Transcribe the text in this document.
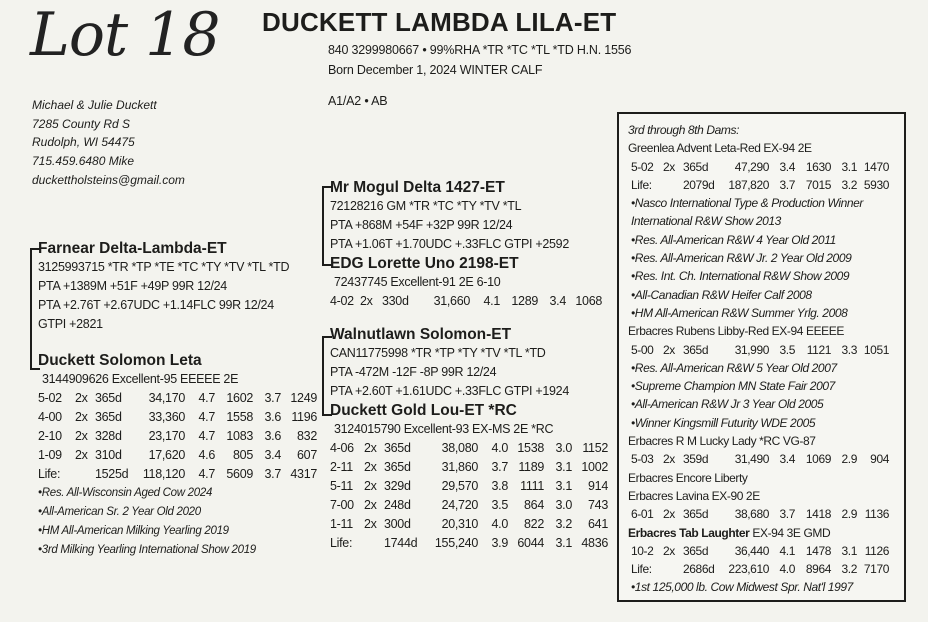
Lot 18 DUCKETT LAMBDA LILA-ET
840 3299980667 • 99%RHA *TR *TC *TL *TD H.N. 1556
Born December 1, 2024 WINTER CALF
A1/A2 • AB
Michael & Julie Duckett
7285 County Rd S
Rudolph, WI 54475
715.459.6480 Mike
duckettholsteins@gmail.com
Farnear Delta-Lambda-ET
3125993715 *TR *TP *TE *TC *TY *TV *TL *TD
PTA +1389M +51F +49P 99R 12/24
PTA +2.76T +2.67UDC +1.14FLC 99R 12/24
GTPI +2821
Duckett Solomon Leta
3144909626 Excellent-95 EEEEE 2E
5-02	2x 365d	34,170	4.7 1602 3.7 1249
4-00	2x 365d	33,360	4.7 1558 3.6 1196
2-10	2x 328d	23,170	4.7 1083 3.6	832
1-09	2x 310d	17,620	4.6	805 3.4	607
Life:	1525d	118,120	4.7 5609 3.7 4317
•Res. All-Wisconsin Aged Cow 2024
•All-American Sr. 2 Year Old 2020
•HM All-American Milking Yearling 2019
•3rd Milking Yearling International Show 2019
Mr Mogul Delta 1427-ET
72128216 GM *TR *TC *TY *TV *TL
PTA +868M +54F +32P 99R 12/24
PTA +1.06T +1.70UDC +.33FLC GTPI +2592
EDG Lorette Uno 2198-ET
72437745 Excellent-91 2E 6-10
4-02 2x 330d	31,660	4.1 1289 3.4 1068
Walnutlawn Solomon-ET
CAN11775998 *TR *TP *TY *TV *TL *TD
PTA -472M -12F -8P 99R 12/24
PTA +2.60T +1.61UDC +.33FLC GTPI +1924
Duckett Gold Lou-ET *RC
3124015790 Excellent-93 EX-MS 2E *RC
4-06 2x 365d	38,080	4.0 1538 3.0 1152
2-11 2x 365d	31,860	3.7 1189 3.1 1002
5-11 2x 329d	29,570	3.8 1111 3.1	914
7-00 2x 248d	24,720	3.5	864 3.0	743
1-11 2x 300d	20,310	4.0	822 3.2	641
Life:	1744d	155,240	3.9 6044 3.1 4836
3rd through 8th Dams:
Greenlea Advent Leta-Red EX-94 2E
5-02 2x 365d	47,290 3.4 1630 3.1 1470
Life:	2079d	187,820 3.7 7015 3.2 5930
•Nasco International Type & Production Winner
International R&W Show 2013
•Res. All-American R&W 4 Year Old 2011
•Res. All-American R&W Jr. 2 Year Old 2009
•Res. Int. Ch. International R&W Show 2009
•All-Canadian R&W Heifer Calf 2008
•HM All-American R&W Summer Yrlg. 2008
Erbacres Rubens Libby-Red EX-94 EEEEE
5-00 2x 365d	31,990 3.5 1121 3.3 1051
•Res. All-American R&W 5 Year Old 2007
•Supreme Champion MN State Fair 2007
•All-American R&W Jr 3 Year Old 2005
•Winner Kingsmill Futurity WDE 2005
Erbacres R M Lucky Lady *RC VG-87
5-03 2x 359d	31,490 3.4 1069 2.9	904
Erbacres Encore Liberty
Erbacres Lavina EX-90 2E
6-01 2x 365d	38,680 3.7 1418 2.9 1136
Erbacres Tab Laughter EX-94 3E GMD
10-2 2x 365d	36,440 4.1 1478 3.1 1126
Life:	2686d	223,610 4.0 8964 3.2 7170
•1st 125,000 lb. Cow Midwest Spr. Nat'l 1997
